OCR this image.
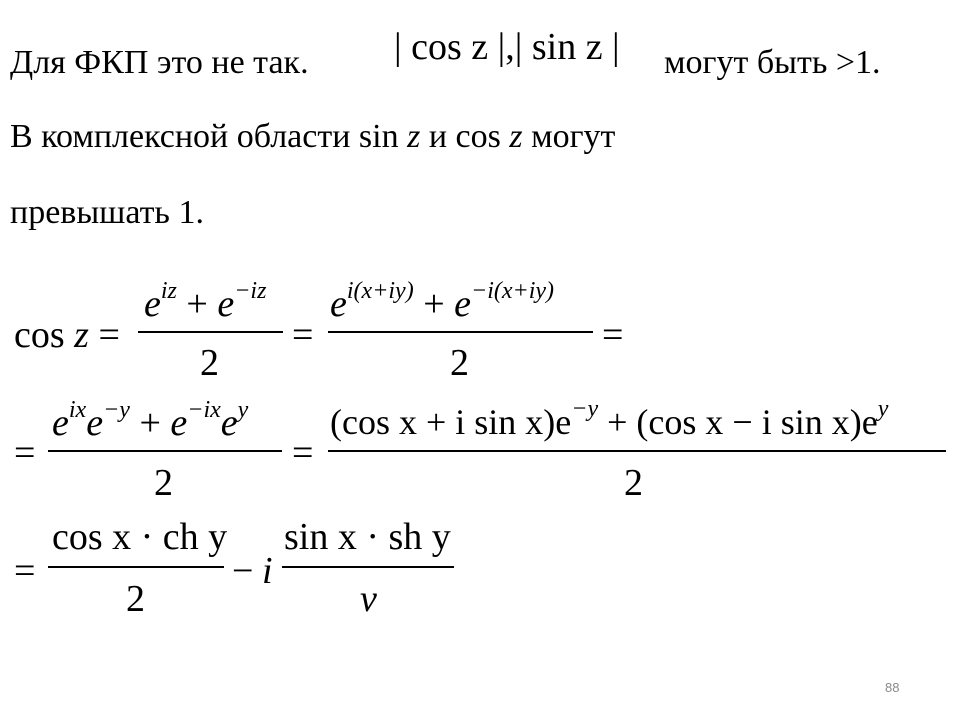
Для ФКП это не так. | cos z |,| sin z | могут быть >1.
В комплексной области sin z и cos z могут
превышать 1.
cos z =
$e^{iz} + e^{-iz}$
2
=
$e^{i(x+iy)} + e^{-i(x+iy)}$
2
=
=
$e^{ix}e^{-y} + e^{-ix}e^y$
2
=
(cos x + i $\sin x)e^{-y} + (\cos$ x − i $\sin x)e^y$
2
=
cos x · ch y
2
− i
sin x · sh y
v
88
